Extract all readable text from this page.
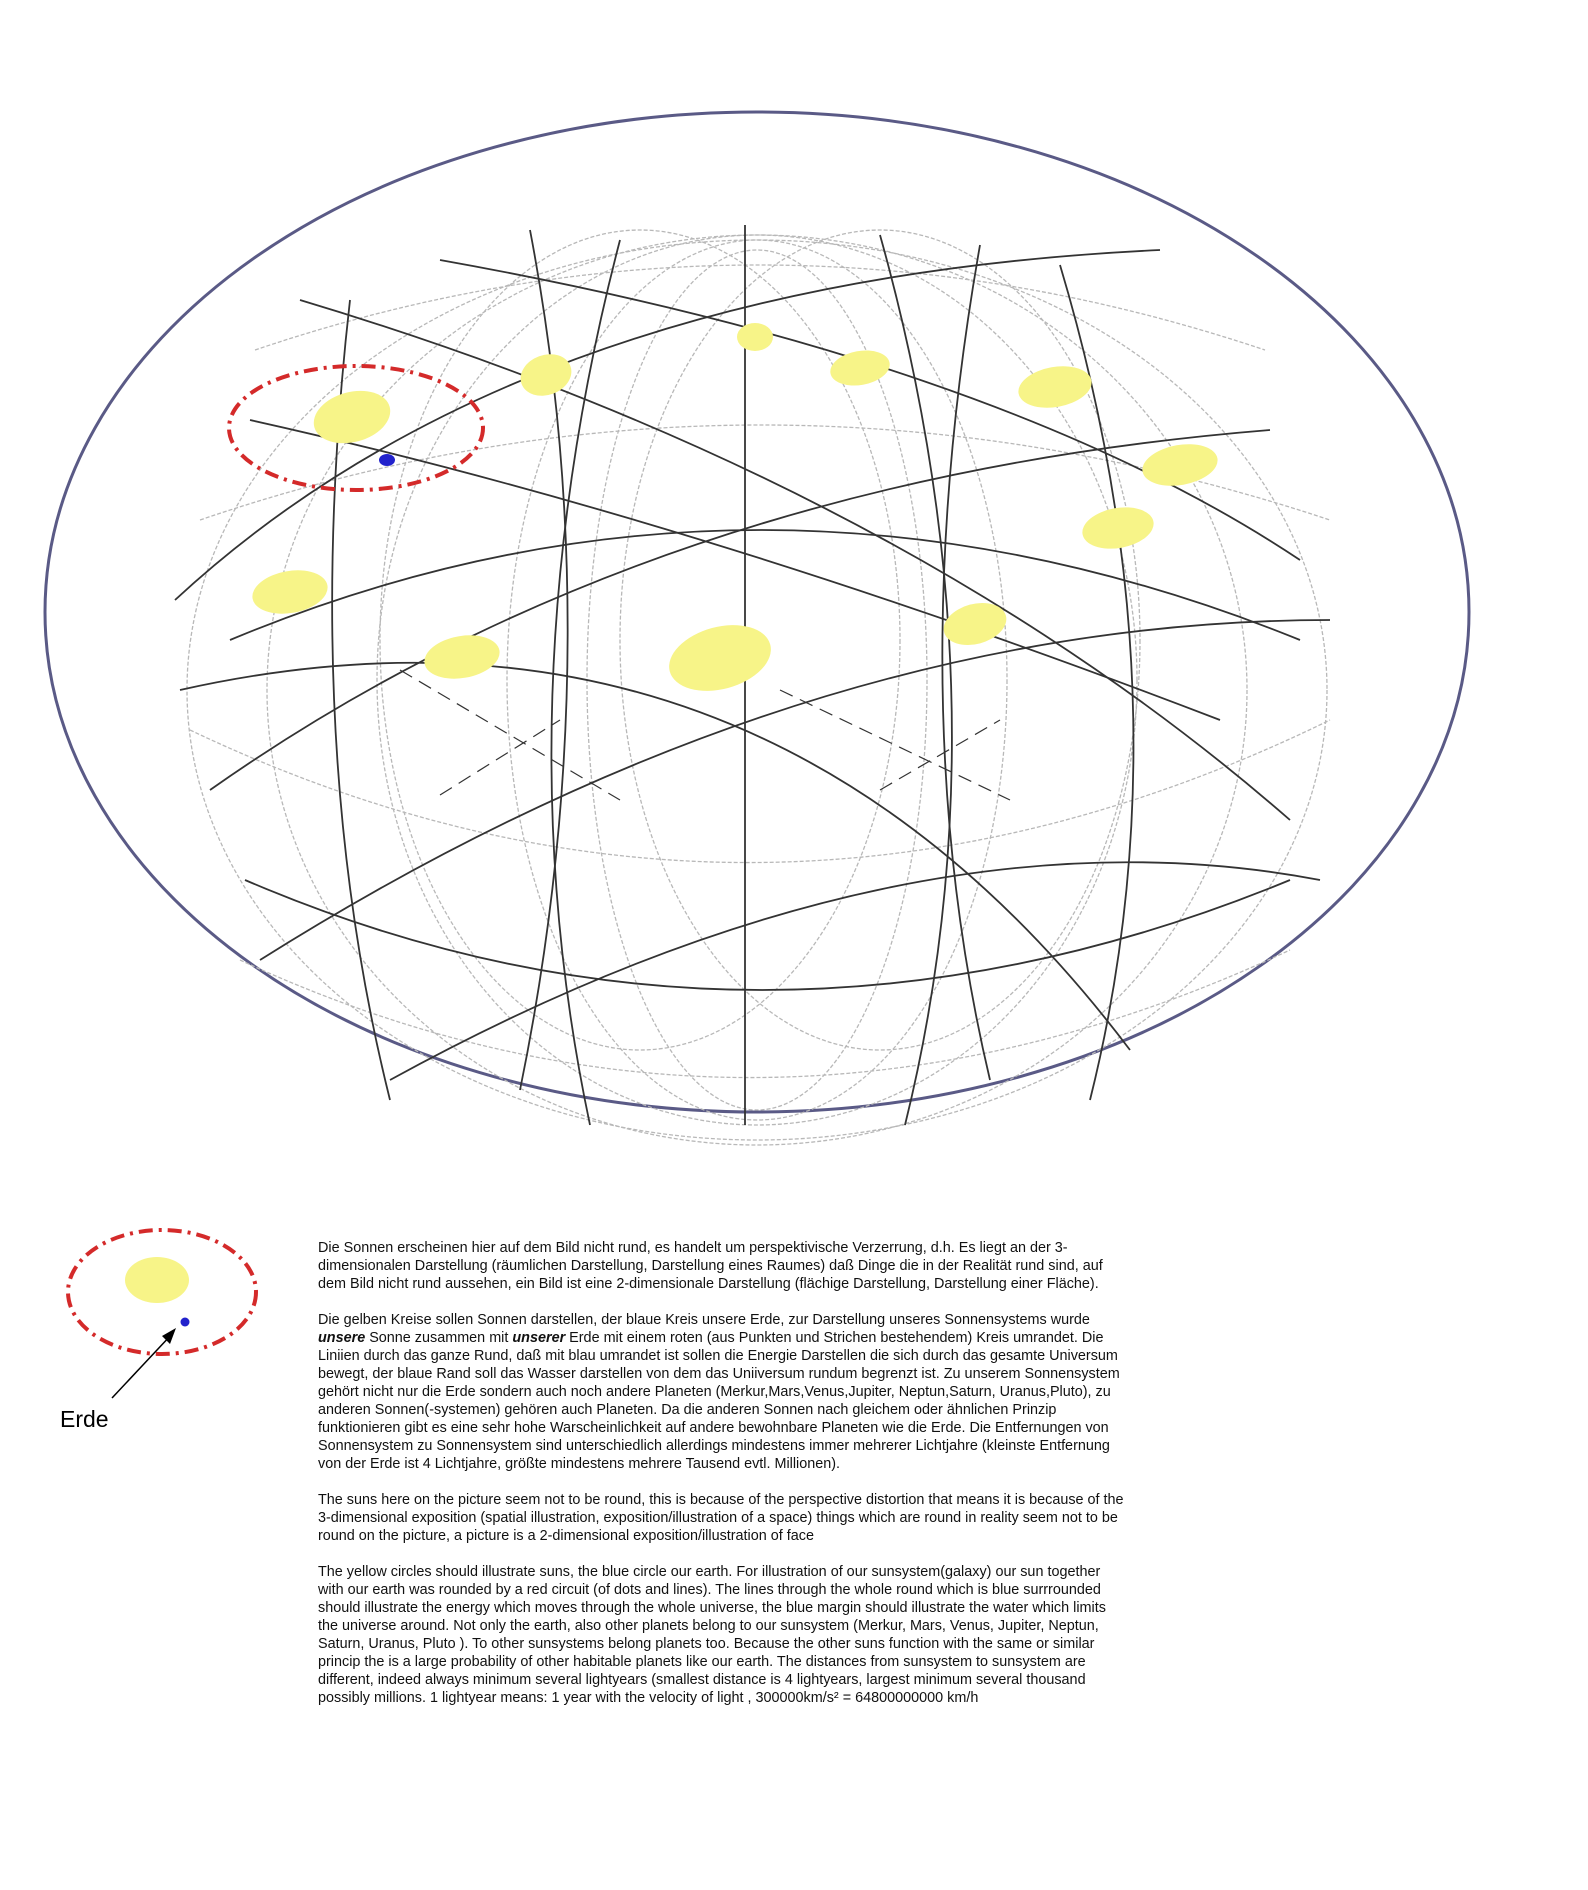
Erde

Die Sonnen erscheinen hier auf dem Bild nicht rund, es handelt um perspektivische Verzerrung, d.h. Es liegt an der 3-dimensionalen Darstellung (räumlichen Darstellung, Darstellung eines Raumes) daß Dinge die in der Realität rund sind, auf dem Bild nicht rund aussehen, ein Bild ist eine 2-dimensionale Darstellung (flächige Darstellung, Darstellung einer Fläche).

Die gelben Kreise sollen Sonnen darstellen, der blaue Kreis unsere Erde, zur Darstellung unseres Sonnensystems wurde unsere Sonne zusammen mit unserer Erde mit einem roten (aus Punkten und Strichen bestehendem) Kreis umrandet. Die Liniien durch das ganze Rund, daß mit blau umrandet ist sollen die Energie Darstellen die sich durch das gesamte Universum bewegt, der blaue Rand soll das Wasser darstellen von dem das Uniiversum rundum begrenzt ist. Zu unserem Sonnensystem gehört nicht nur die Erde sondern auch noch andere Planeten (Merkur,Mars,Venus,Jupiter, Neptun,Saturn, Uranus,Pluto), zu anderen Sonnen(-systemen) gehören auch Planeten. Da die anderen Sonnen nach gleichem oder ähnlichen Prinzip funktionieren gibt es eine sehr hohe Warscheinlichkeit auf andere bewohnbare Planeten wie die Erde. Die Entfernungen von Sonnensystem zu Sonnensystem sind unterschiedlich allerdings mindestens immer mehrerer Lichtjahre (kleinste Entfernung von der Erde ist 4 Lichtjahre, größte mindestens mehrere Tausend evtl. Millionen).

The suns here on the picture seem not to be round, this is because of the perspective distortion that means it is because of the 3-dimensional exposition (spatial illustration, exposition/illustration of a space) things which are round in reality seem not to be round on the picture, a picture is a 2-dimensional exposition/illustration of face

The yellow circles should illustrate suns, the blue circle our earth. For illustration of our sunsystem(galaxy) our sun together with our earth was rounded by a red circuit (of dots and lines). The lines through the whole round which is blue surrrounded should illustrate the energy which moves through the whole universe, the blue margin should illustrate the water which limits the universe around. Not only the earth, also other planets belong to our sunsystem (Merkur, Mars, Venus, Jupiter, Neptun, Saturn, Uranus, Pluto ). To other sunsystems belong planets too. Because the other suns function with the same or similar princip the is a large probability of other habitable planets like our earth. The distances from sunsystem to sunsystem are different, indeed always minimum several lightyears (smallest distance is 4 lightyears, largest minimum several thousand possibly millions. 1 lightyear means: 1 year with the velocity of light , 300000km/s² = 64800000000 km/h
